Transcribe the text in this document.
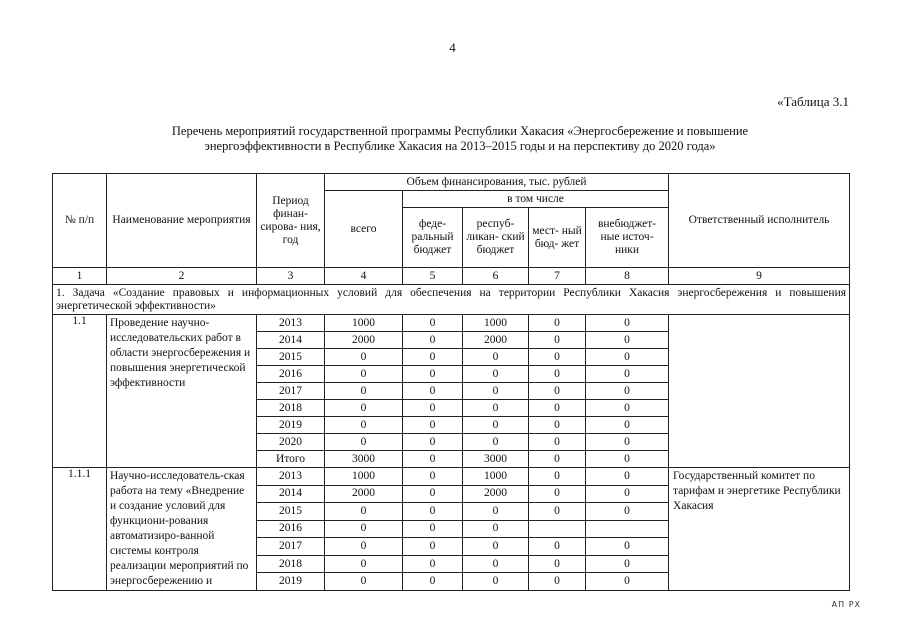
4
«Таблица 3.1
Перечень мероприятий государственной программы Республики Хакасия «Энергосбережение и повышение
энергоэффективности в Республике Хакасия на 2013–2015 годы и на перспективу до 2020 года»
№ п/п	Наименование мероприятия	Период финан- сирова- ния, год	Объем финансирования, тыс. рублей					Ответственный исполнитель
			всего	в том числе				
				феде- ральный бюджет	респуб- ликан- ский бюджет	мест- ный бюд- жет	внебюджет- ные источ- ники	
1	2	3	4	5	6	7	8	9
1. Задача «Создание правовых и информационных условий для обеспечения на территории Республики Хакасия энергосбережения и повышения энергетической эффективности»								
1.1	Проведение научно-исследовательских работ в области энергосбережения и повышения энергетической эффективности	2013	1000	0	1000	0	0	
		2014	2000	0	2000	0	0	
		2015	0	0	0	0	0	
		2016	0	0	0	0	0	
		2017	0	0	0	0	0	
		2018	0	0	0	0	0	
		2019	0	0	0	0	0	
		2020	0	0	0	0	0	
		Итого	3000	0	3000	0	0	
1.1.1	Научно-исследователь-ская работа на тему «Внедрение и создание условий для функциони-рования автоматизиро-ванной системы контроля реализации мероприятий по энергосбережению и	2013	1000	0	1000	0	0	Государственный комитет по тарифам и энергетике Республики Хакасия
		2014	2000	0	2000	0	0	
		2015	0	0	0	0	0	
		2016	0	0	0			
		2017	0	0	0	0	0	
		2018	0	0	0	0	0	
		2019	0	0	0	0	0	
АП РХ
